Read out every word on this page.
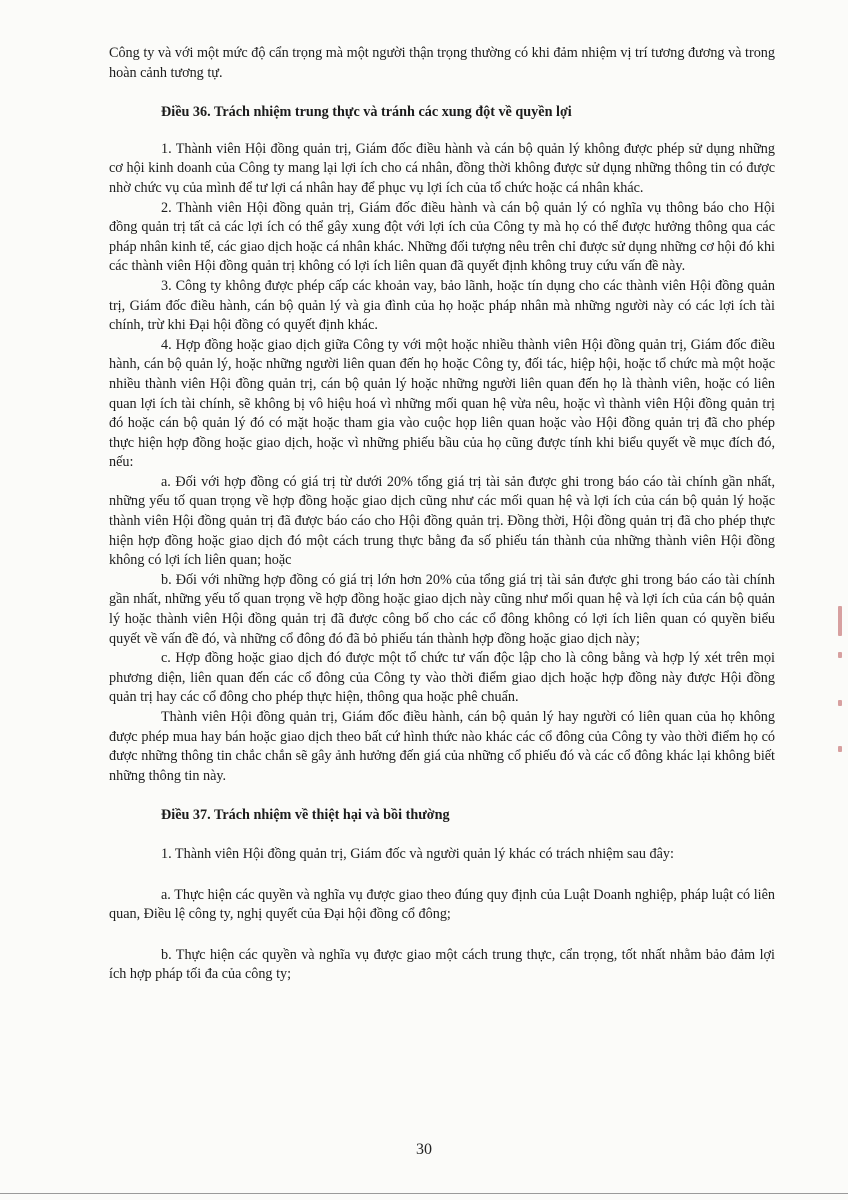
Công ty và với một mức độ cẩn trọng mà một người thận trọng thường có khi đảm nhiệm vị trí tương đương và trong hoàn cảnh tương tự.

Điều 36. Trách nhiệm trung thực và tránh các xung đột về quyền lợi

1. Thành viên Hội đồng quản trị, Giám đốc điều hành và cán bộ quản lý không được phép sử dụng những cơ hội kinh doanh của Công ty mang lại lợi ích cho cá nhân, đồng thời không được sử dụng những thông tin có được nhờ chức vụ của mình để tư lợi cá nhân hay để phục vụ lợi ích của tổ chức hoặc cá nhân khác.

2. Thành viên Hội đồng quản trị, Giám đốc điều hành và cán bộ quản lý có nghĩa vụ thông báo cho Hội đồng quản trị tất cả các lợi ích có thể gây xung đột với lợi ích của Công ty mà họ có thể được hưởng thông qua các pháp nhân kinh tế, các giao dịch hoặc cá nhân khác. Những đối tượng nêu trên chỉ được sử dụng những cơ hội đó khi các thành viên Hội đồng quản trị không có lợi ích liên quan đã quyết định không truy cứu vấn đề này.

3. Công ty không được phép cấp các khoản vay, bảo lãnh, hoặc tín dụng cho các thành viên Hội đồng quản trị, Giám đốc điều hành, cán bộ quản lý và gia đình của họ hoặc pháp nhân mà những người này có các lợi ích tài chính, trừ khi Đại hội đồng có quyết định khác.

4. Hợp đồng hoặc giao dịch giữa Công ty với một hoặc nhiều thành viên Hội đồng quản trị, Giám đốc điều hành, cán bộ quản lý, hoặc những người liên quan đến họ hoặc Công ty, đối tác, hiệp hội, hoặc tổ chức mà một hoặc nhiều thành viên Hội đồng quản trị, cán bộ quản lý hoặc những người liên quan đến họ là thành viên, hoặc có liên quan lợi ích tài chính, sẽ không bị vô hiệu hoá vì những mối quan hệ vừa nêu, hoặc vì thành viên Hội đồng quản trị đó hoặc cán bộ quản lý đó có mặt hoặc tham gia vào cuộc họp liên quan hoặc vào Hội đồng quản trị đã cho phép thực hiện hợp đồng hoặc giao dịch, hoặc vì những phiếu bầu của họ cũng được tính khi biểu quyết về mục đích đó, nếu:

a. Đối với hợp đồng có giá trị từ dưới 20% tổng giá trị tài sản được ghi trong báo cáo tài chính gần nhất, những yếu tố quan trọng về hợp đồng hoặc giao dịch cũng như các mối quan hệ và lợi ích của cán bộ quản lý hoặc thành viên Hội đồng quản trị đã được báo cáo cho Hội đồng quản trị. Đồng thời, Hội đồng quản trị đã cho phép thực hiện hợp đồng hoặc giao dịch đó một cách trung thực bằng đa số phiếu tán thành của những thành viên Hội đồng không có lợi ích liên quan; hoặc

b. Đối với những hợp đồng có giá trị lớn hơn 20% của tổng giá trị tài sản được ghi trong báo cáo tài chính gần nhất, những yếu tố quan trọng về hợp đồng hoặc giao dịch này cũng như mối quan hệ và lợi ích của cán bộ quản lý hoặc thành viên Hội đồng quản trị đã được công bố cho các cổ đông không có lợi ích liên quan có quyền biểu quyết về vấn đề đó, và những cổ đông đó đã bỏ phiếu tán thành hợp đồng hoặc giao dịch này;

c. Hợp đồng hoặc giao dịch đó được một tổ chức tư vấn độc lập cho là công bằng và hợp lý xét trên mọi phương diện, liên quan đến các cổ đông của Công ty vào thời điểm giao dịch hoặc hợp đồng này được Hội đồng quản trị hay các cổ đông cho phép thực hiện, thông qua hoặc phê chuẩn.

Thành viên Hội đồng quản trị, Giám đốc điều hành, cán bộ quản lý hay người có liên quan của họ không được phép mua hay bán hoặc giao dịch theo bất cứ hình thức nào khác các cổ đông của Công ty vào thời điểm họ có được những thông tin chắc chắn sẽ gây ảnh hưởng đến giá của những cổ phiếu đó và các cổ đông khác lại không biết những thông tin này.

Điều 37. Trách nhiệm về thiệt hại và bồi thường

1. Thành viên Hội đồng quản trị, Giám đốc và người quản lý khác có trách nhiệm sau đây:

a. Thực hiện các quyền và nghĩa vụ được giao theo đúng quy định của Luật Doanh nghiệp, pháp luật có liên quan, Điều lệ công ty, nghị quyết của Đại hội đồng cổ đông;

b. Thực hiện các quyền và nghĩa vụ được giao một cách trung thực, cẩn trọng, tốt nhất nhằm bảo đảm lợi ích hợp pháp tối đa của công ty;

30
